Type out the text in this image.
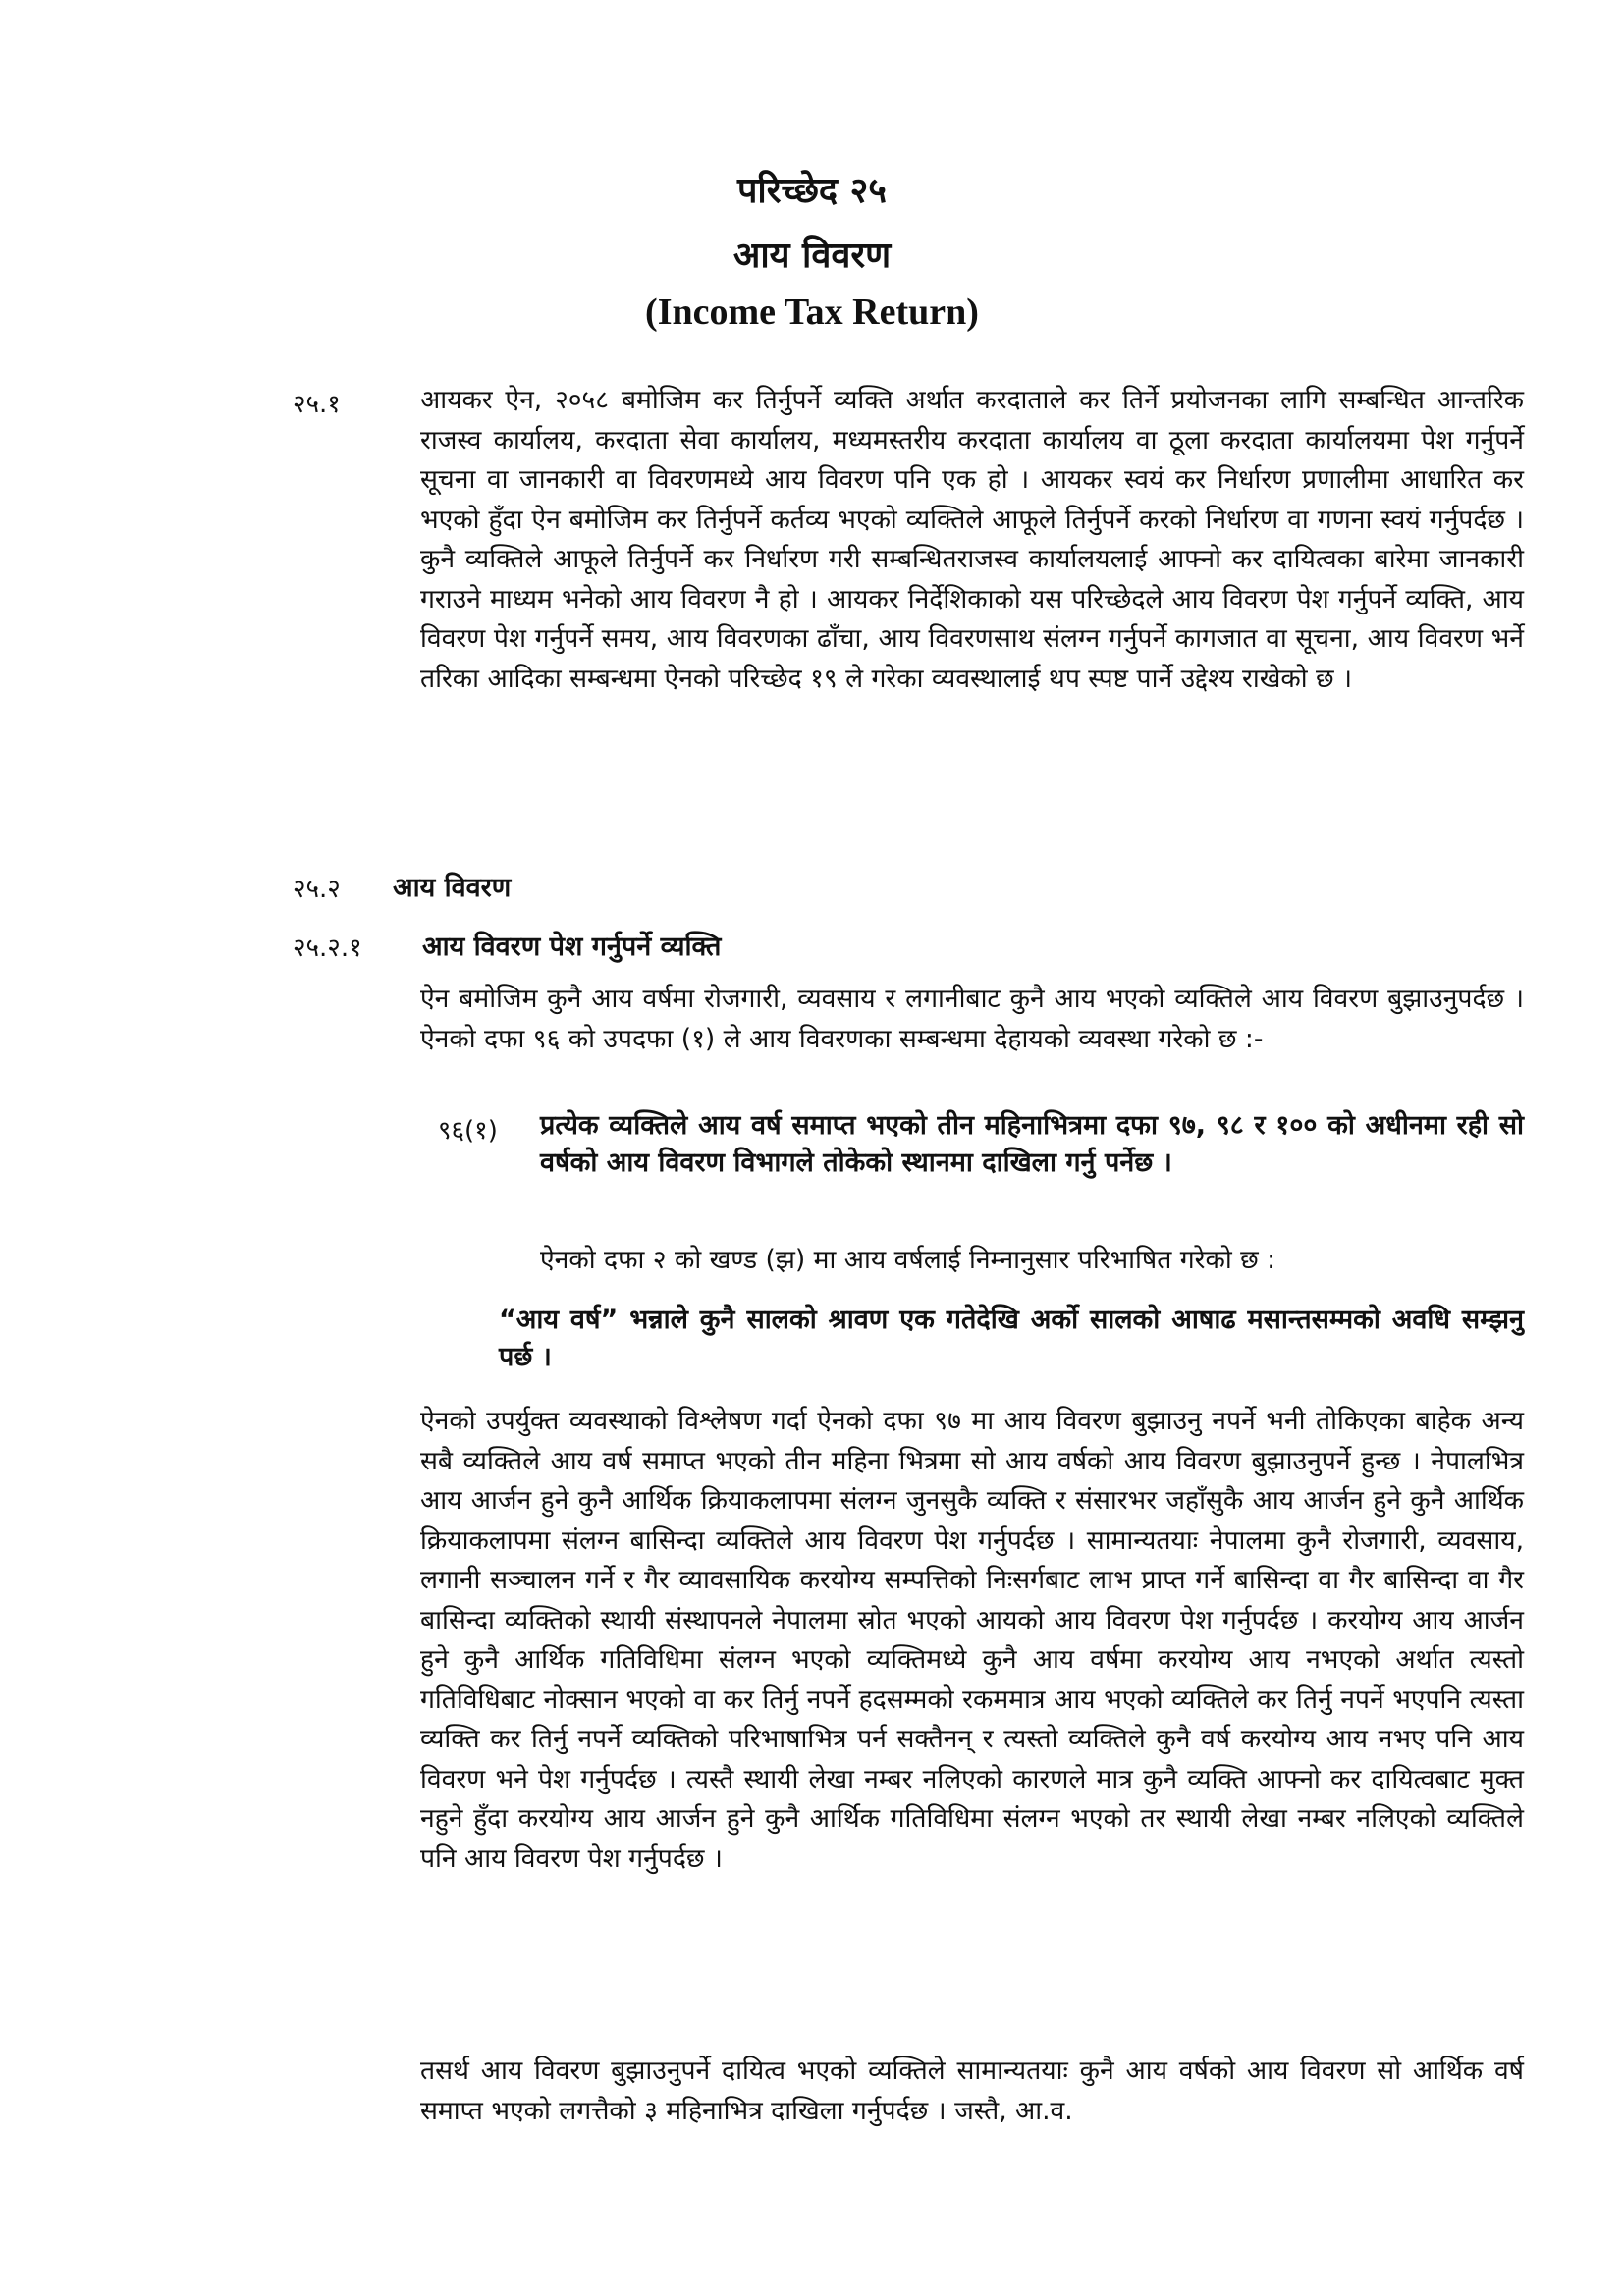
परिच्छेद २५
आय विवरण
(Income Tax Return)
२५.१	आयकर ऐन, २०५८ बमोजिम कर तिर्नुपर्ने व्यक्ति अर्थात करदाताले कर तिर्ने प्रयोजनका लागि सम्बन्धित आन्तरिक राजस्व कार्यालय, करदाता सेवा कार्यालय, मध्यमस्तरीय करदाता कार्यालय वा ठूला करदाता कार्यालयमा पेश गर्नुपर्ने सूचना वा जानकारी वा विवरणमध्ये आय विवरण पनि एक हो । आयकर स्वयं कर निर्धारण प्रणालीमा आधारित कर भएको हुँदा ऐन बमोजिम कर तिर्नुपर्ने कर्तव्य भएको व्यक्तिले आफूले तिर्नुपर्ने करको निर्धारण वा गणना स्वयं गर्नुपर्दछ । कुनै व्यक्तिले आफूले तिर्नुपर्ने कर निर्धारण गरी सम्बन्धितराजस्व कार्यालयलाई आफ्नो कर दायित्वका बारेमा जानकारी गराउने माध्यम भनेको आय विवरण नै हो । आयकर निर्देशिकाको यस परिच्छेदले आय विवरण पेश गर्नुपर्ने व्यक्ति, आय विवरण पेश गर्नुपर्ने समय, आय विवरणका ढाँचा, आय विवरणसाथ संलग्न गर्नुपर्ने कागजात वा सूचना, आय विवरण भर्ने तरिका आदिका सम्बन्धमा ऐनको परिच्छेद १९ ले गरेका व्यवस्थालाई थप स्पष्ट पार्ने उद्देश्य राखेको छ ।

२५.२ आय विवरण
२५.२.१ आय विवरण पेश गर्नुपर्ने व्यक्ति

ऐन बमोजिम कुनै आय वर्षमा रोजगारी, व्यवसाय र लगानीबाट कुनै आय भएको व्यक्तिले आय विवरण बुझाउनुपर्दछ । ऐनको दफा ९६ को उपदफा (१) ले आय विवरणका सम्बन्धमा देहायको व्यवस्था गरेको छ :-

९६(१) प्रत्येक व्यक्तिले आय वर्ष समाप्त भएको तीन महिनाभित्रमा दफा ९७, ९८ र १०० को अधीनमा रही सो वर्षको आय विवरण विभागले तोकेको स्थानमा दाखिला गर्नु पर्नेछ ।

ऐनको दफा २ को खण्ड (झ) मा आय वर्षलाई निम्नानुसार परिभाषित गरेको छ :

“आय वर्ष” भन्नाले कुनै सालको श्रावण एक गतेदेखि अर्को सालको आषाढ मसान्तसम्मको अवधि सम्झनु पर्छ ।

ऐनको उपर्युक्त व्यवस्थाको विश्लेषण गर्दा ऐनको दफा ९७ मा आय विवरण बुझाउनु नपर्ने भनी तोकिएका बाहेक अन्य सबै व्यक्तिले आय वर्ष समाप्त भएको तीन महिना भित्रमा सो आय वर्षको आय विवरण बुझाउनुपर्ने हुन्छ । नेपालभित्र आय आर्जन हुने कुनै आर्थिक क्रियाकलापमा संलग्न जुनसुकै व्यक्ति र संसारभर जहाँसुकै आय आर्जन हुने कुनै आर्थिक क्रियाकलापमा संलग्न बासिन्दा व्यक्तिले आय विवरण पेश गर्नुपर्दछ । सामान्यतयाः नेपालमा कुनै रोजगारी, व्यवसाय, लगानी सञ्चालन गर्ने र गैर व्यावसायिक करयोग्य सम्पत्तिको निःसर्गबाट लाभ प्राप्त गर्ने बासिन्दा वा गैर बासिन्दा वा गैर बासिन्दा व्यक्तिको स्थायी संस्थापनले नेपालमा स्रोत भएको आयको आय विवरण पेश गर्नुपर्दछ । करयोग्य आय आर्जन हुने कुनै आर्थिक गतिविधिमा संलग्न भएको व्यक्तिमध्ये कुनै आय वर्षमा करयोग्य आय नभएको अर्थात त्यस्तो गतिविधिबाट नोक्सान भएको वा कर तिर्नु नपर्ने हदसम्मको रकममात्र आय भएको व्यक्तिले कर तिर्नु नपर्ने भएपनि त्यस्ता व्यक्ति कर तिर्नु नपर्ने व्यक्तिको परिभाषाभित्र पर्न सक्तैनन् र त्यस्तो व्यक्तिले कुनै वर्ष करयोग्य आय नभए पनि आय विवरण भने पेश गर्नुपर्दछ । त्यस्तै स्थायी लेखा नम्बर नलिएको कारणले मात्र कुनै व्यक्ति आफ्नो कर दायित्वबाट मुक्त नहुने हुँदा करयोग्य आय आर्जन हुने कुनै आर्थिक गतिविधिमा संलग्न भएको तर स्थायी लेखा नम्बर नलिएको व्यक्तिले पनि आय विवरण पेश गर्नुपर्दछ ।

तसर्थ आय विवरण बुझाउनुपर्ने दायित्व भएको व्यक्तिले सामान्यतयाः कुनै आय वर्षको आय विवरण सो आर्थिक वर्ष समाप्त भएको लगत्तैको ३ महिनाभित्र दाखिला गर्नुपर्दछ । जस्तै, आ.व.
